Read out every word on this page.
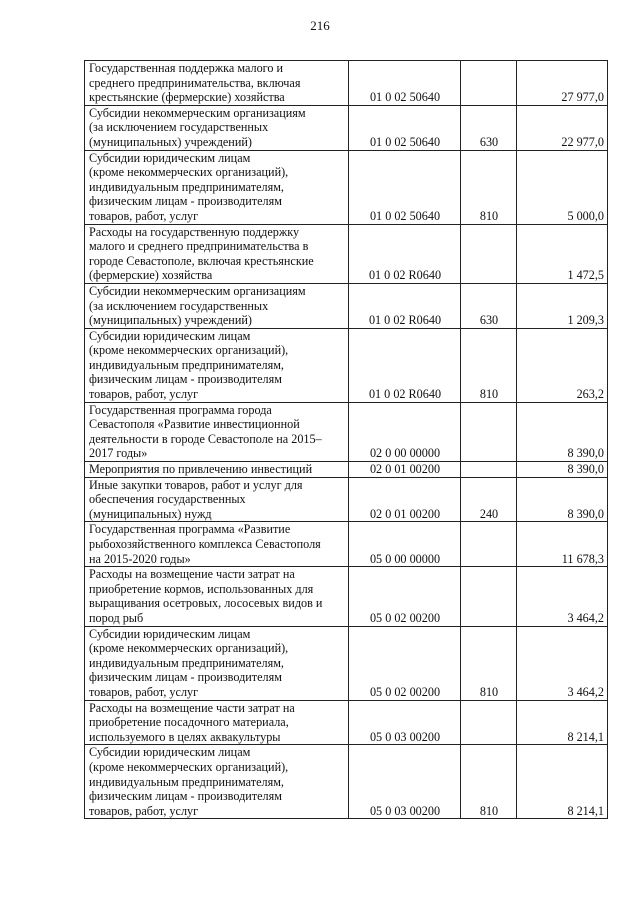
216
Государственная поддержка малого и
среднего предпринимательства, включая
крестьянские (фермерские) хозяйства	01 0 02 50640		27 977,0

Субсидии некоммерческим организациям
(за исключением государственных
(муниципальных) учреждений)	01 0 02 50640	630	22 977,0

Субсидии юридическим лицам
(кроме некоммерческих организаций),
индивидуальным предпринимателям,
физическим лицам - производителям
товаров, работ, услуг	01 0 02 50640	810	5 000,0

Расходы на государственную поддержку
малого и среднего предпринимательства в
городе Севастополе, включая крестьянские
(фермерские) хозяйства	01 0 02 R0640		1 472,5

Субсидии некоммерческим организациям
(за исключением государственных
(муниципальных) учреждений)	01 0 02 R0640	630	1 209,3

Субсидии юридическим лицам
(кроме некоммерческих организаций),
индивидуальным предпринимателям,
физическим лицам - производителям
товаров, работ, услуг	01 0 02 R0640	810	263,2

Государственная программа города
Севастополя «Развитие инвестиционной
деятельности в городе Севастополе на 2015–
2017 годы»	02 0 00 00000		8 390,0

Мероприятия по привлечению инвестиций	02 0 01 00200		8 390,0

Иные закупки товаров, работ и услуг для
обеспечения государственных
(муниципальных) нужд	02 0 01 00200	240	8 390,0

Государственная программа «Развитие
рыбохозяйственного комплекса Севастополя
на 2015-2020 годы»	05 0 00 00000		11 678,3

Расходы на возмещение части затрат на
приобретение кормов, использованных для
выращивания осетровых, лососевых видов и
пород рыб	05 0 02 00200		3 464,2

Субсидии юридическим лицам
(кроме некоммерческих организаций),
индивидуальным предпринимателям,
физическим лицам - производителям
товаров, работ, услуг	05 0 02 00200	810	3 464,2

Расходы на возмещение части затрат на
приобретение посадочного материала,
используемого в целях аквакультуры	05 0 03 00200		8 214,1

Субсидии юридическим лицам
(кроме некоммерческих организаций),
индивидуальным предпринимателям,
физическим лицам - производителям
товаров, работ, услуг	05 0 03 00200	810	8 214,1
